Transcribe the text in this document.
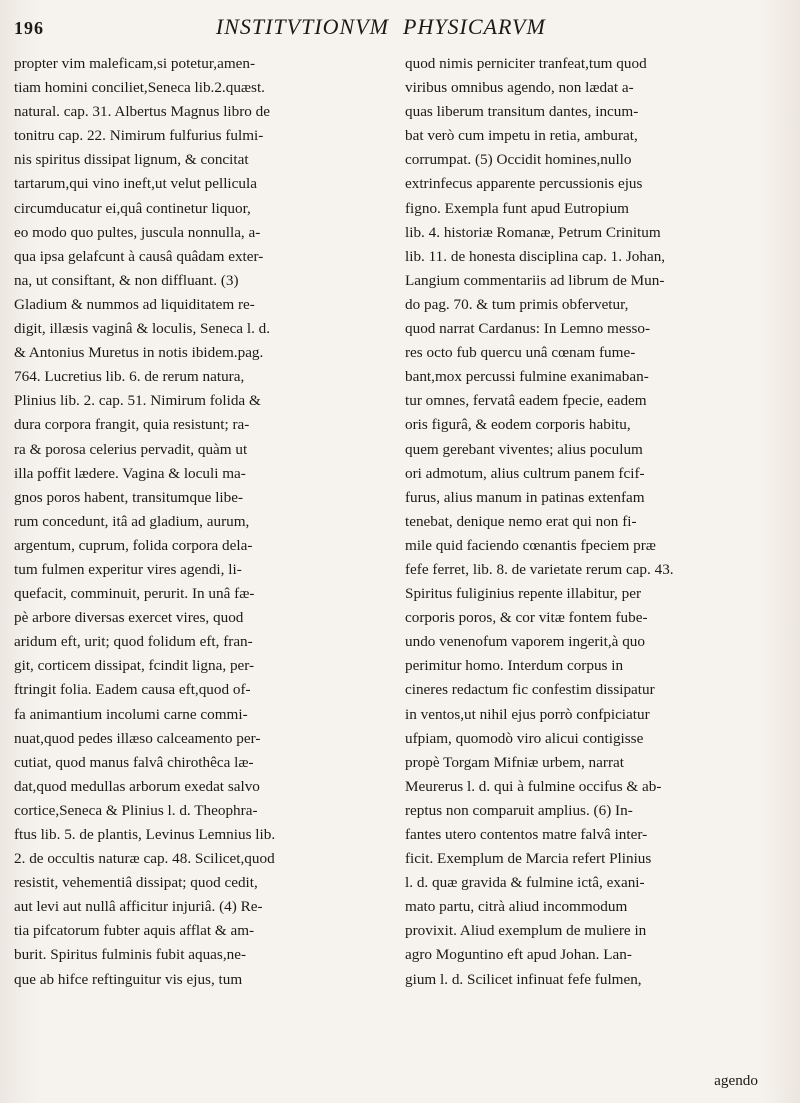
196	INSTITVTIONVM PHYSICARVM

propter vim maleficam,si potetur,amen-

tiam homini conciliet,Seneca lib.2.quæst.

natural. cap. 31. Albertus Magnus libro de

tonitru cap. 22. Nimirum fulfurius fulmi-

nis spiritus dissipat lignum, & concitat

tartarum,qui vino ineft,ut velut pellicula

circumducatur ei,quâ continetur liquor,

eo modo quo pultes, juscula nonnulla, a-

qua ipsa gelafcunt à causâ quâdam exter-

na, ut consiftant, & non diffluant. (3)

Gladium & nummos ad liquiditatem re-

digit, illæsis vaginâ & loculis, Seneca l. d.

& Antonius Muretus in notis ibidem.pag.

764. Lucretius lib. 6. de rerum natura,

Plinius lib. 2. cap. 51. Nimirum folida &

dura corpora frangit, quia resistunt; ra-

ra & porosa celerius pervadit, quàm ut

illa poffit lædere. Vagina & loculi ma-

gnos poros habent, transitumque libe-

rum concedunt, itâ ad gladium, aurum,

argentum, cuprum, folida corpora dela-

tum fulmen experitur vires agendi, li-

quefacit, comminuit, perurit. In unâ fæ-

pè arbore diversas exercet vires, quod

aridum eft, urit; quod folidum eft, fran-

git, corticem dissipat, fcindit ligna, per-

ftringit folia. Eadem causa eft,quod of-

fa animantium incolumi carne commi-

nuat,quod pedes illæso calceamento per-

cutiat, quod manus falvâ chirothêca læ-

dat,quod medullas arborum exedat salvo

cortice,Seneca & Plinius l. d. Theophra-

ftus lib. 5. de plantis, Levinus Lemnius lib.

2. de occultis naturæ cap. 48. Scilicet,quod

resistit, vehementiâ dissipat; quod cedit,

aut levi aut nullâ afficitur injuriâ. (4) Re-

tia pifcatorum fubter aquis afflat & am-

burit. Spiritus fulminis fubit aquas,ne-

que ab hifce reftinguitur vis ejus, tum

quod nimis perniciter tranfeat,tum quod

viribus omnibus agendo, non lædat a-

quas liberum transitum dantes, incum-

bat verò cum impetu in retia, amburat,

corrumpat. (5) Occidit homines,nullo

extrinfecus apparente percussionis ejus

figno. Exempla funt apud Eutropium

lib. 4. historiæ Romanæ, Petrum Crinitum

lib. 11. de honesta disciplina cap. 1. Johan,

Langium commentariis ad librum de Mun-

do pag. 70. & tum primis obfervetur,

quod narrat Cardanus: In Lemno messo-

res octo fub quercu unâ cœnam fume-

bant,mox percussi fulmine exanimaban-

tur omnes, fervatâ eadem fpecie, eadem

oris figurâ, & eodem corporis habitu,

quem gerebant viventes; alius poculum

ori admotum, alius cultrum panem fcif-

furus, alius manum in patinas extenfam

tenebat, denique nemo erat qui non fi-

mile quid faciendo cœnantis fpeciem præ

fefe ferret, lib. 8. de varietate rerum cap. 43.

Spiritus fuliginius repente illabitur, per

corporis poros, & cor vitæ fontem fube-

undo venenofum vaporem ingerit,à quo

perimitur homo. Interdum corpus in

cineres redactum fic confestim dissipatur

in ventos,ut nihil ejus porrò confpiciatur

ufpiam, quomodò viro alicui contigisse

propè Torgam Mifniæ urbem, narrat

Meurerus l. d. qui à fulmine occifus & ab-

reptus non comparuit amplius. (6) In-

fantes utero contentos matre falvâ inter-

ficit. Exemplum de Marcia refert Plinius

l. d. quæ gravida & fulmine ictâ, exani-

mato partu, citrà aliud incommodum

provixit. Aliud exemplum de muliere in

agro Moguntino eft apud Johan. Lan-

gium l. d. Scilicet infinuat fefe fulmen,

agendo
